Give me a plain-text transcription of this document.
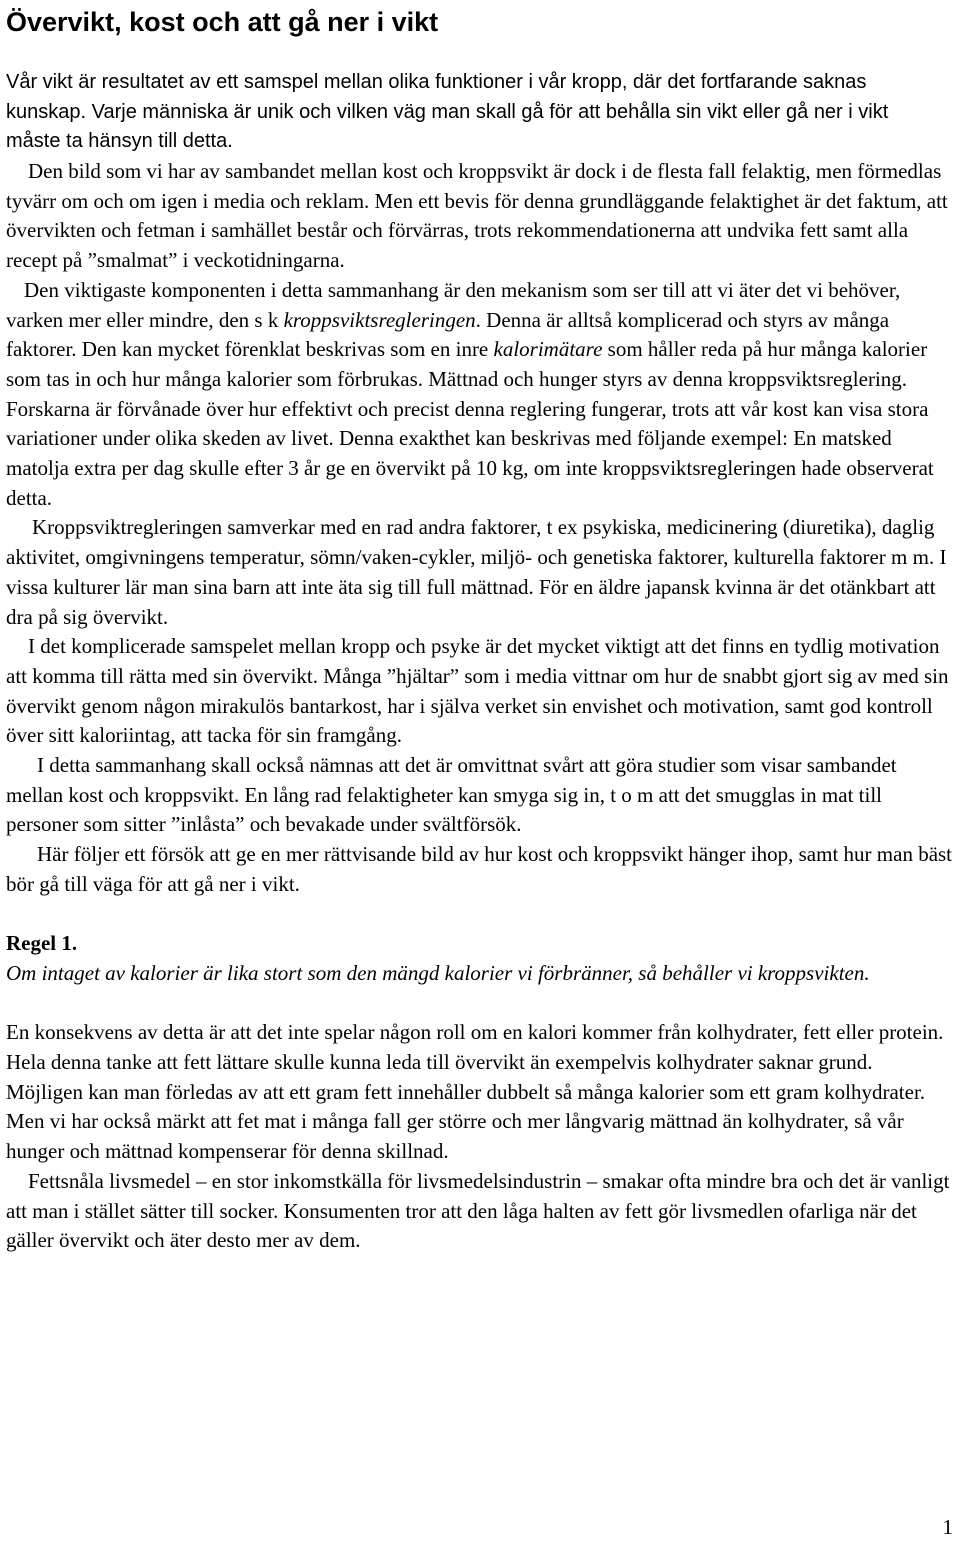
Övervikt, kost och att gå ner i vikt

Vår vikt är resultatet av ett samspel mellan olika funktioner i vår kropp, där det fortfarande saknas kunskap. Varje människa är unik och vilken väg man skall gå för att behålla sin vikt eller gå ner i vikt måste ta hänsyn till detta.

Den bild som vi har av sambandet mellan kost och kroppsvikt är dock i de flesta fall felaktig, men förmedlas tyvärr om och om igen i media och reklam. Men ett bevis för denna grundläggande felaktighet är det faktum, att övervikten och fetman i samhället består och förvärras, trots rekommendationerna att undvika fett samt alla recept på ”smalmat” i veckotidningarna.

Den viktigaste komponenten i detta sammanhang är den mekanism som ser till att vi äter det vi behöver, varken mer eller mindre, den s k kroppsviktsregleringen. Denna är alltså komplicerad och styrs av många faktorer. Den kan mycket förenklat beskrivas som en inre kalorimätare som håller reda på hur många kalorier som tas in och hur många kalorier som förbrukas. Mättnad och hunger styrs av denna kroppsviktsreglering. Forskarna är förvånade över hur effektivt och precist denna reglering fungerar, trots att vår kost kan visa stora variationer under olika skeden av livet. Denna exakthet kan beskrivas med följande exempel: En matsked matolja extra per dag skulle efter 3 år ge en övervikt på 10 kg, om inte kroppsviktsregleringen hade observerat detta.

Kroppsviktregleringen samverkar med en rad andra faktorer, t ex psykiska, medicinering (diuretika), daglig aktivitet, omgivningens temperatur, sömn/vaken-cykler, miljö- och genetiska faktorer, kulturella faktorer m m. I vissa kulturer lär man sina barn att inte äta sig till full mättnad. För en äldre japansk kvinna är det otänkbart att dra på sig övervikt.

I det komplicerade samspelet mellan kropp och psyke är det mycket viktigt att det finns en tydlig motivation att komma till rätta med sin övervikt. Många ”hjältar” som i media vittnar om hur de snabbt gjort sig av med sin övervikt genom någon mirakulös bantarkost, har i själva verket sin envishet och motivation, samt god kontroll över sitt kaloriintag, att tacka för sin framgång.

I detta sammanhang skall också nämnas att det är omvittnat svårt att göra studier som visar sambandet mellan kost och kroppsvikt. En lång rad felaktigheter kan smyga sig in, t o m att det smugglas in mat till personer som sitter ”inlåsta” och bevakade under svältförsök.

Här följer ett försök att ge en mer rättvisande bild av hur kost och kroppsvikt hänger ihop, samt hur man bäst bör gå till väga för att gå ner i vikt.

Regel 1.

Om intaget av kalorier är lika stort som den mängd kalorier vi förbränner, så behåller vi kroppsvikten.

En konsekvens av detta är att det inte spelar någon roll om en kalori kommer från kolhydrater, fett eller protein. Hela denna tanke att fett lättare skulle kunna leda till övervikt än exempelvis kolhydrater saknar grund. Möjligen kan man förledas av att ett gram fett innehåller dubbelt så många kalorier som ett gram kolhydrater. Men vi har också märkt att fet mat i många fall ger större och mer långvarig mättnad än kolhydrater, så vår hunger och mättnad kompenserar för denna skillnad.

Fettsnåla livsmedel – en stor inkomstkälla för livsmedelsindustrin – smakar ofta mindre bra och det är vanligt att man i stället sätter till socker. Konsumenten tror att den låga halten av fett gör livsmedlen ofarliga när det gäller övervikt och äter desto mer av dem.

1
